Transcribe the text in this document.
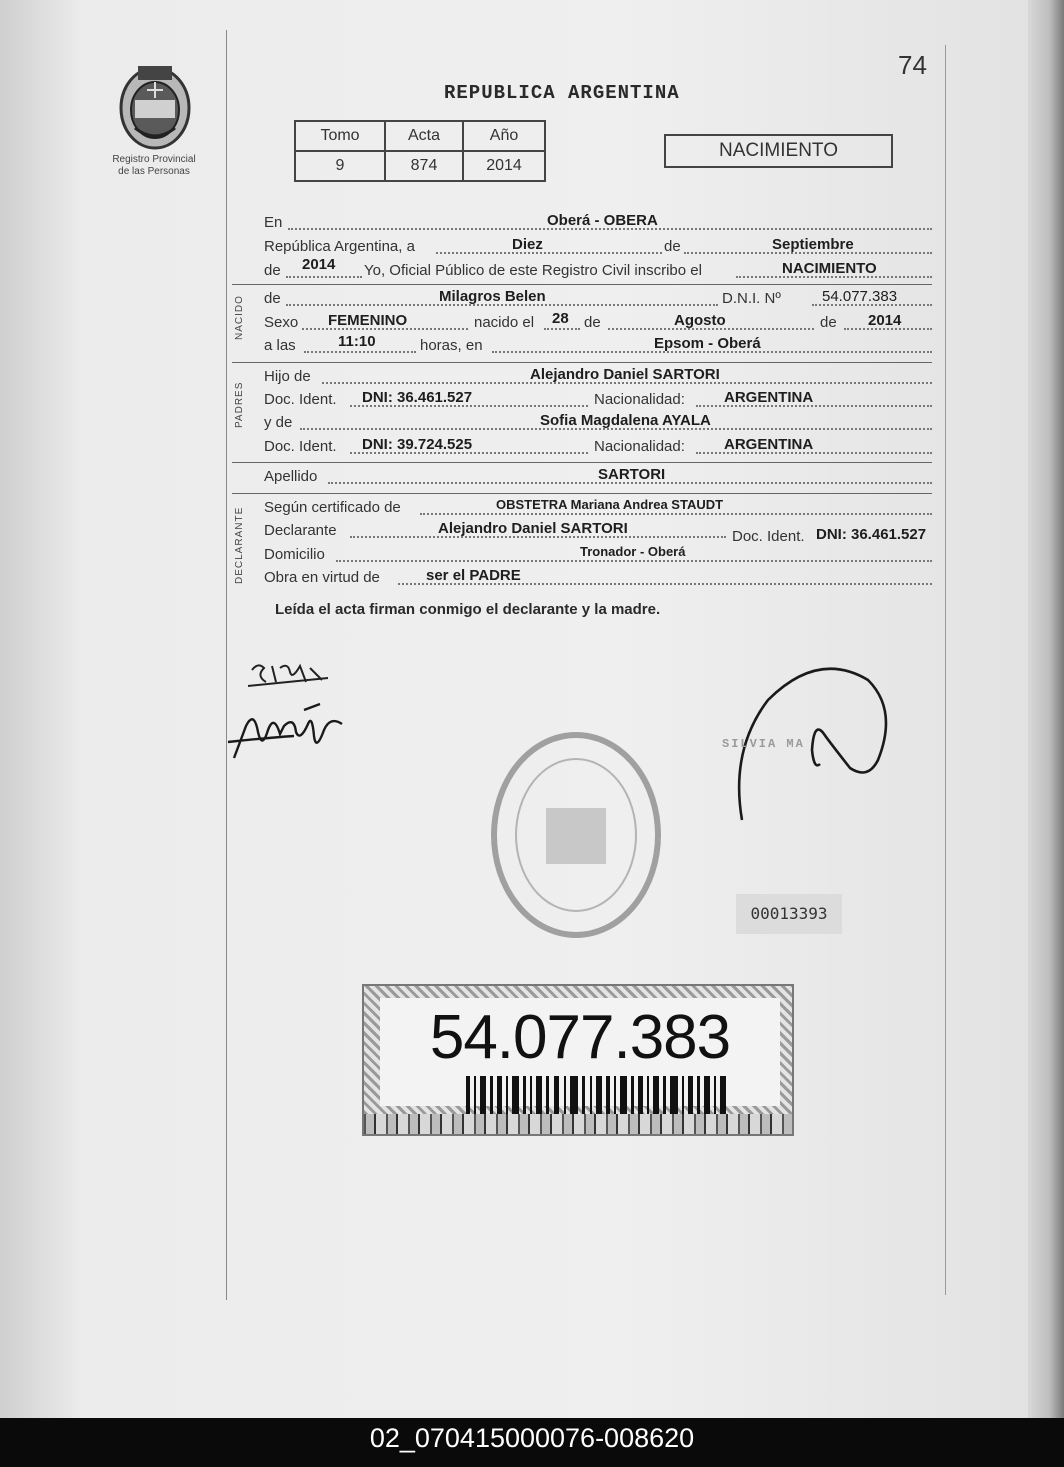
Registro Provincial
de las Personas
74
REPUBLICA ARGENTINA
Tomo	Acta	Año
9	874	2014
NACIMIENTO
En	Oberá - OBERA
República Argentina, a	Diez	de	Septiembre
de 2014 Yo, Oficial Público de este Registro Civil inscribo el	NACIMIENTO
NACIDO de	Milagros Belen	D.N.I. Nº	54.077.383
Sexo FEMENINO	nacido el 28 de	Agosto	de 2014
a las	11:10	horas, en	Epsom - Oberá
PADRES
Hijo de	Alejandro Daniel SARTORI
Doc. Ident. DNI: 36.461.527	Nacionalidad:	ARGENTINA
y de	Sofia Magdalena AYALA
Doc. Ident. DNI: 39.724.525	Nacionalidad:	ARGENTINA
Apellido	SARTORI
DECLARANTE Según certificado de	OBSTETRA Mariana Andrea STAUDT
Declarante	Alejandro Daniel SARTORI	Doc. Ident. DNI: 36.461.527
Domicilio	Tronador - Oberá
Obra en virtud de	ser el PADRE
Leída el acta firman conmigo el declarante y la madre.
SILVIA MA
00013393
54.077.383
02_070415000076-008620
